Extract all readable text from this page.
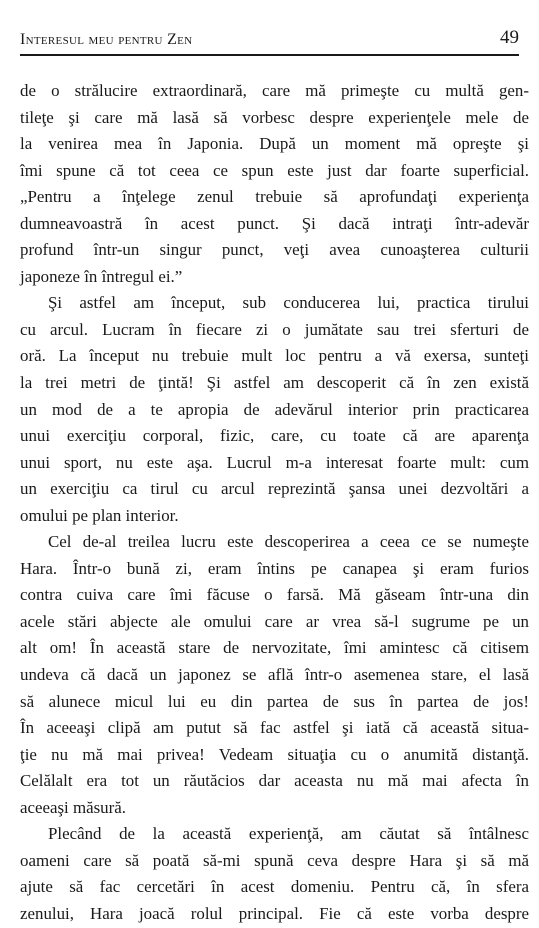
Interesul meu pentru Zen	49
de o strălucire extraordinară, care mă primeşte cu multă gen-
tileţe şi care mă lasă să vorbesc despre experienţele mele de
la venirea mea în Japonia. După un moment mă opreşte şi
îmi spune că tot ceea ce spun este just dar foarte superficial.
„Pentru a înţelege zenul trebuie să aprofundaţi experienţa
dumneavoastră în acest punct. Şi dacă intraţi într-adevăr
profund într-un singur punct, veţi avea cunoaşterea culturii
japoneze în întregul ei.”
Şi astfel am început, sub conducerea lui, practica tirului
cu arcul. Lucram în fiecare zi o jumătate sau trei sferturi de
oră. La început nu trebuie mult loc pentru a vă exersa, sunteţi
la trei metri de ţintă! Şi astfel am descoperit că în zen există
un mod de a te apropia de adevărul interior prin practicarea
unui exerciţiu corporal, fizic, care, cu toate că are aparenţa
unui sport, nu este aşa. Lucrul m-a interesat foarte mult: cum
un exerciţiu ca tirul cu arcul reprezintă şansa unei dezvoltări a
omului pe plan interior.
Cel de-al treilea lucru este descoperirea a ceea ce se numeşte
Hara. Într-o bună zi, eram întins pe canapea şi eram furios
contra cuiva care îmi făcuse o farsă. Mă găseam într-una din
acele stări abjecte ale omului care ar vrea să-l sugrume pe un
alt om! În această stare de nervozitate, îmi amintesc că citisem
undeva că dacă un japonez se află într-o asemenea stare, el lasă
să alunece micul lui eu din partea de sus în partea de jos!
În aceeaşi clipă am putut să fac astfel şi iată că această situa-
ţie nu mă mai privea! Vedeam situaţia cu o anumită distanţă.
Celălalt era tot un răutăcios dar aceasta nu mă mai afecta în
aceeaşi măsură.
Plecând de la această experienţă, am căutat să întâlnesc
oameni care să poată să-mi spună ceva despre Hara şi să mă
ajute să fac cercetări în acest domeniu. Pentru că, în sfera
zenului, Hara joacă rolul principal. Fie că este vorba despre
